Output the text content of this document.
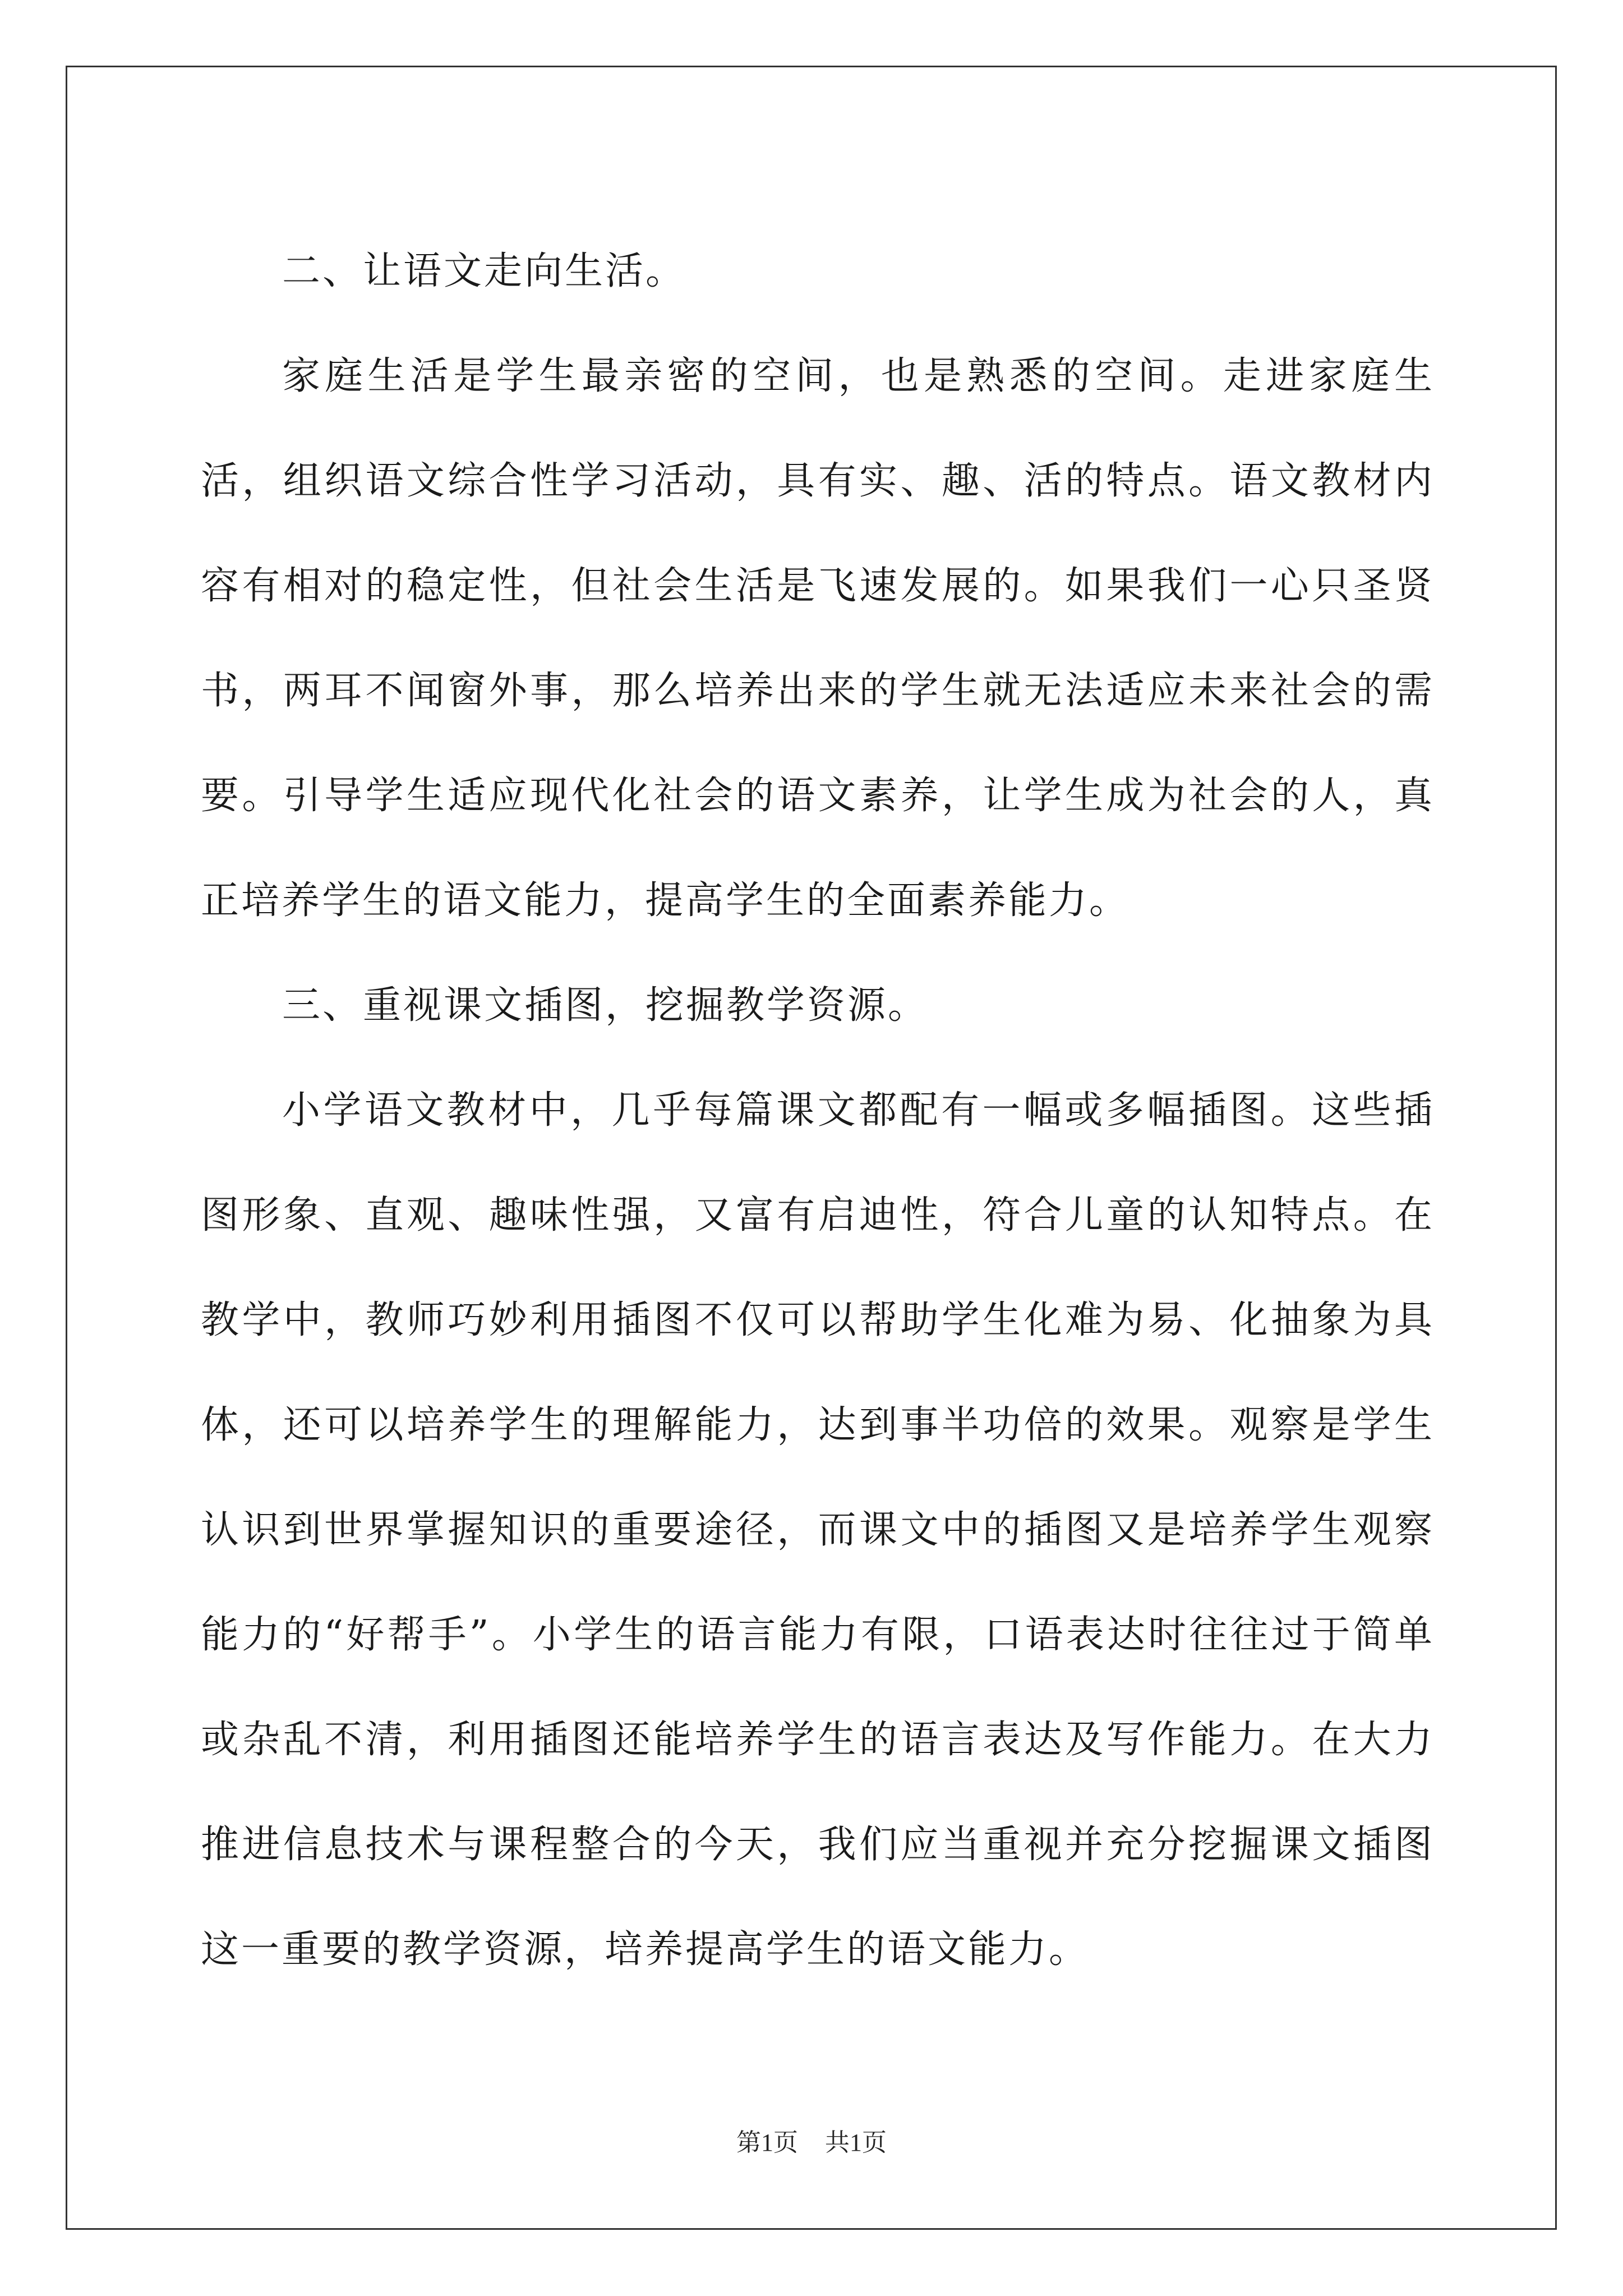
二、让语文走向生活。

家庭生活是学生最亲密的空间，也是熟悉的空间。走进家庭生活，组织语文综合性学习活动，具有实、趣、活的特点。语文教材内容有相对的稳定性，但社会生活是飞速发展的。如果我们一心只圣贤书，两耳不闻窗外事，那么培养出来的学生就无法适应未来社会的需要。引导学生适应现代化社会的语文素养，让学生成为社会的人，真正培养学生的语文能力，提高学生的全面素养能力。

三、重视课文插图，挖掘教学资源。

小学语文教材中，几乎每篇课文都配有一幅或多幅插图。这些插图形象、直观、趣味性强，又富有启迪性，符合儿童的认知特点。在教学中，教师巧妙利用插图不仅可以帮助学生化难为易、化抽象为具体，还可以培养学生的理解能力，达到事半功倍的效果。观察是学生认识到世界掌握知识的重要途径，而课文中的插图又是培养学生观察能力的“好帮手”。小学生的语言能力有限，口语表达时往往过于简单或杂乱不清，利用插图还能培养学生的语言表达及写作能力。在大力推进信息技术与课程整合的今天，我们应当重视并充分挖掘课文插图这一重要的教学资源，培养提高学生的语文能力。

第1页 共1页
